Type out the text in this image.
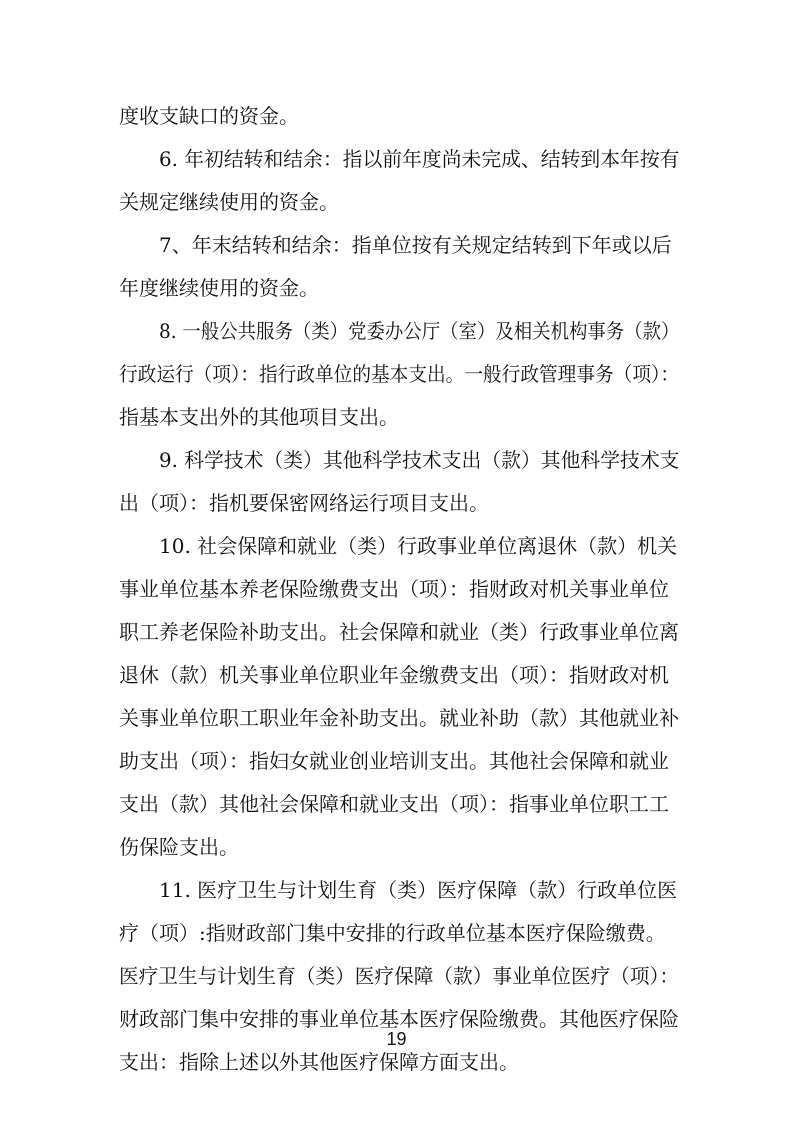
度收支缺口的资金。
6. 年初结转和结余：指以前年度尚未完成、结转到本年按有
关规定继续使用的资金。
7、年末结转和结余：指单位按有关规定结转到下年或以后
年度继续使用的资金。
8. 一般公共服务（类）党委办公厅（室）及相关机构事务（款）
行政运行（项）：指行政单位的基本支出。一般行政管理事务（项）：
指基本支出外的其他项目支出。
9. 科学技术（类）其他科学技术支出（款）其他科学技术支
出（项）：指机要保密网络运行项目支出。
10. 社会保障和就业（类）行政事业单位离退休（款）机关
事业单位基本养老保险缴费支出（项）：指财政对机关事业单位
职工养老保险补助支出。社会保障和就业（类）行政事业单位离
退休（款）机关事业单位职业年金缴费支出（项）：指财政对机
关事业单位职工职业年金补助支出。就业补助（款）其他就业补
助支出（项）：指妇女就业创业培训支出。其他社会保障和就业
支出（款）其他社会保障和就业支出（项）：指事业单位职工工
伤保险支出。
11. 医疗卫生与计划生育（类）医疗保障（款）行政单位医
疗（项）:指财政部门集中安排的行政单位基本医疗保险缴费。
医疗卫生与计划生育（类）医疗保障（款）事业单位医疗（项）：
财政部门集中安排的事业单位基本医疗保险缴费。其他医疗保险
支出：指除上述以外其他医疗保障方面支出。
19
